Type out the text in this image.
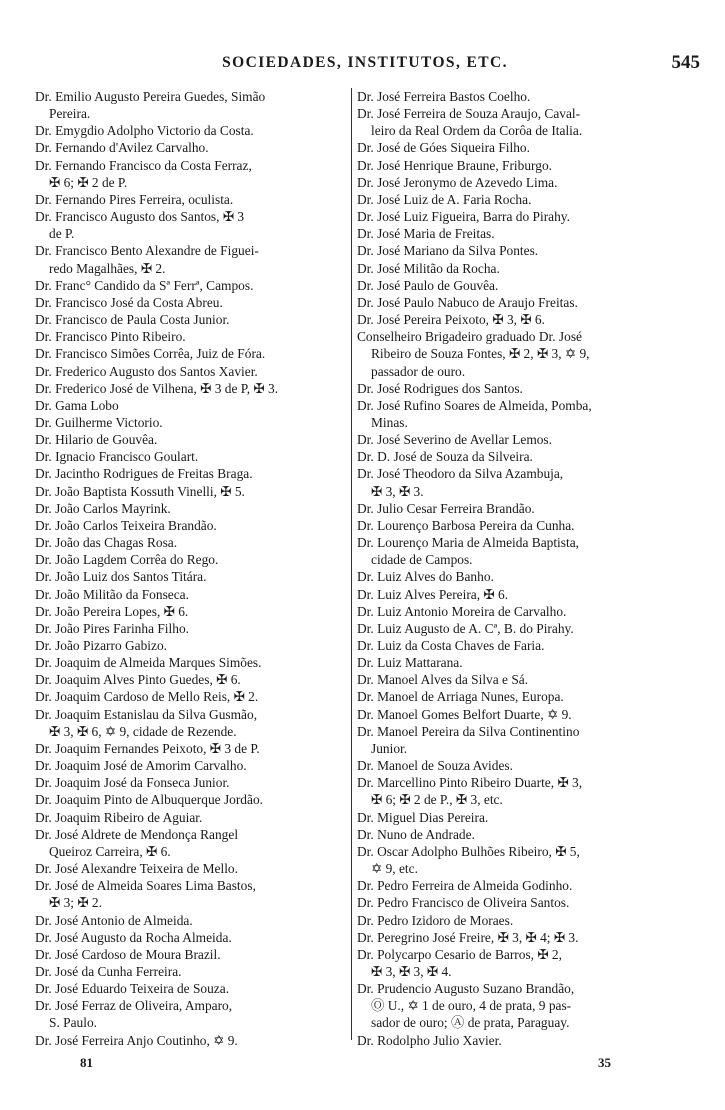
SOCIEDADES, INSTITUTOS, ETC.	545
Dr. Emilio Augusto Pereira Guedes, Simão
Pereira.
Dr. Emygdio Adolpho Victorio da Costa.
Dr. Fernando d'Avilez Carvalho.
Dr. Fernando Francisco da Costa Ferraz,
✠ 6; ✠ 2 de P.
Dr. Fernando Pires Ferreira, oculista.
Dr. Francisco Augusto dos Santos, ✠ 3
de P.
Dr. Francisco Bento Alexandre de Figuei-
redo Magalhães, ✠ 2.
Dr. Franc° Candido da Sª Ferrª, Campos.
Dr. Francisco José da Costa Abreu.
Dr. Francisco de Paula Costa Junior.
Dr. Francisco Pinto Ribeiro.
Dr. Francisco Simões Corrêa, Juiz de Fóra.
Dr. Frederico Augusto dos Santos Xavier.
Dr. Frederico José de Vilhena, ✠ 3 de P, ✠ 3.
Dr. Gama Lobo
Dr. Guilherme Victorio.
Dr. Hilario de Gouvêa.
Dr. Ignacio Francisco Goulart.
Dr. Jacintho Rodrigues de Freitas Braga.
Dr. João Baptista Kossuth Vinelli, ✠ 5.
Dr. João Carlos Mayrink.
Dr. João Carlos Teixeira Brandão.
Dr. João das Chagas Rosa.
Dr. João Lagdem Corrêa do Rego.
Dr. João Luiz dos Santos Titára.
Dr. João Militão da Fonseca.
Dr. João Pereira Lopes, ✠ 6.
Dr. João Pires Farinha Filho.
Dr. João Pizarro Gabizo.
Dr. Joaquim de Almeida Marques Simões.
Dr. Joaquim Alves Pinto Guedes, ✠ 6.
Dr. Joaquim Cardoso de Mello Reis, ✠ 2.
Dr. Joaquim Estanislau da Silva Gusmão,
✠ 3, ✠ 6, ✡ 9, cidade de Rezende.
Dr. Joaquim Fernandes Peixoto, ✠ 3 de P.
Dr. Joaquim José de Amorim Carvalho.
Dr. Joaquim José da Fonseca Junior.
Dr. Joaquim Pinto de Albuquerque Jordão.
Dr. Joaquim Ribeiro de Aguiar.
Dr. José Aldrete de Mendonça Rangel
Queiroz Carreira, ✠ 6.
Dr. José Alexandre Teixeira de Mello.
Dr. José de Almeida Soares Lima Bastos,
✠ 3; ✠ 2.
Dr. José Antonio de Almeida.
Dr. José Augusto da Rocha Almeida.
Dr. José Cardoso de Moura Brazil.
Dr. José da Cunha Ferreira.
Dr. José Eduardo Teixeira de Souza.
Dr. José Ferraz de Oliveira, Amparo,
S. Paulo.
Dr. José Ferreira Anjo Coutinho, ✡ 9.
Dr. José Ferreira Bastos Coelho.
Dr. José Ferreira de Souza Araujo, Caval-
leiro da Real Ordem da Corôa de Italia.
Dr. José de Góes Siqueira Filho.
Dr. José Henrique Braune, Friburgo.
Dr. José Jeronymo de Azevedo Lima.
Dr. José Luiz de A. Faria Rocha.
Dr. José Luiz Figueira, Barra do Pirahy.
Dr. José Maria de Freitas.
Dr. José Mariano da Silva Pontes.
Dr. José Militão da Rocha.
Dr. José Paulo de Gouvêa.
Dr. José Paulo Nabuco de Araujo Freitas.
Dr. José Pereira Peixoto, ✠ 3, ✠ 6.
Conselheiro Brigadeiro graduado Dr. José
Ribeiro de Souza Fontes, ✠ 2, ✠ 3, ✡ 9,
passador de ouro.
Dr. José Rodrigues dos Santos.
Dr. José Rufino Soares de Almeida, Pomba,
Minas.
Dr. José Severino de Avellar Lemos.
Dr. D. José de Souza da Silveira.
Dr. José Theodoro da Silva Azambuja,
✠ 3, ✠ 3.
Dr. Julio Cesar Ferreira Brandão.
Dr. Lourenço Barbosa Pereira da Cunha.
Dr. Lourenço Maria de Almeida Baptista,
cidade de Campos.
Dr. Luiz Alves do Banho.
Dr. Luiz Alves Pereira, ✠ 6.
Dr. Luiz Antonio Moreira de Carvalho.
Dr. Luiz Augusto de A. Cª, B. do Pirahy.
Dr. Luiz da Costa Chaves de Faria.
Dr. Luiz Mattarana.
Dr. Manoel Alves da Silva e Sá.
Dr. Manoel de Arriaga Nunes, Europa.
Dr. Manoel Gomes Belfort Duarte, ✡ 9.
Dr. Manoel Pereira da Silva Continentino
Junior.
Dr. Manoel de Souza Avides.
Dr. Marcellino Pinto Ribeiro Duarte, ✠ 3,
✠ 6; ✠ 2 de P., ✠ 3, etc.
Dr. Miguel Dias Pereira.
Dr. Nuno de Andrade.
Dr. Oscar Adolpho Bulhões Ribeiro, ✠ 5,
✡ 9, etc.
Dr. Pedro Ferreira de Almeida Godinho.
Dr. Pedro Francisco de Oliveira Santos.
Dr. Pedro Izidoro de Moraes.
Dr. Peregrino José Freire, ✠ 3, ✠ 4; ✠ 3.
Dr. Polycarpo Cesario de Barros, ✠ 2,
✠ 3, ✠ 3, ✠ 4.
Dr. Prudencio Augusto Suzano Brandão,
Ⓞ U., ✡ 1 de ouro, 4 de prata, 9 pas-
sador de ouro; Ⓐ de prata, Paraguay.
Dr. Rodolpho Julio Xavier.
81	35
